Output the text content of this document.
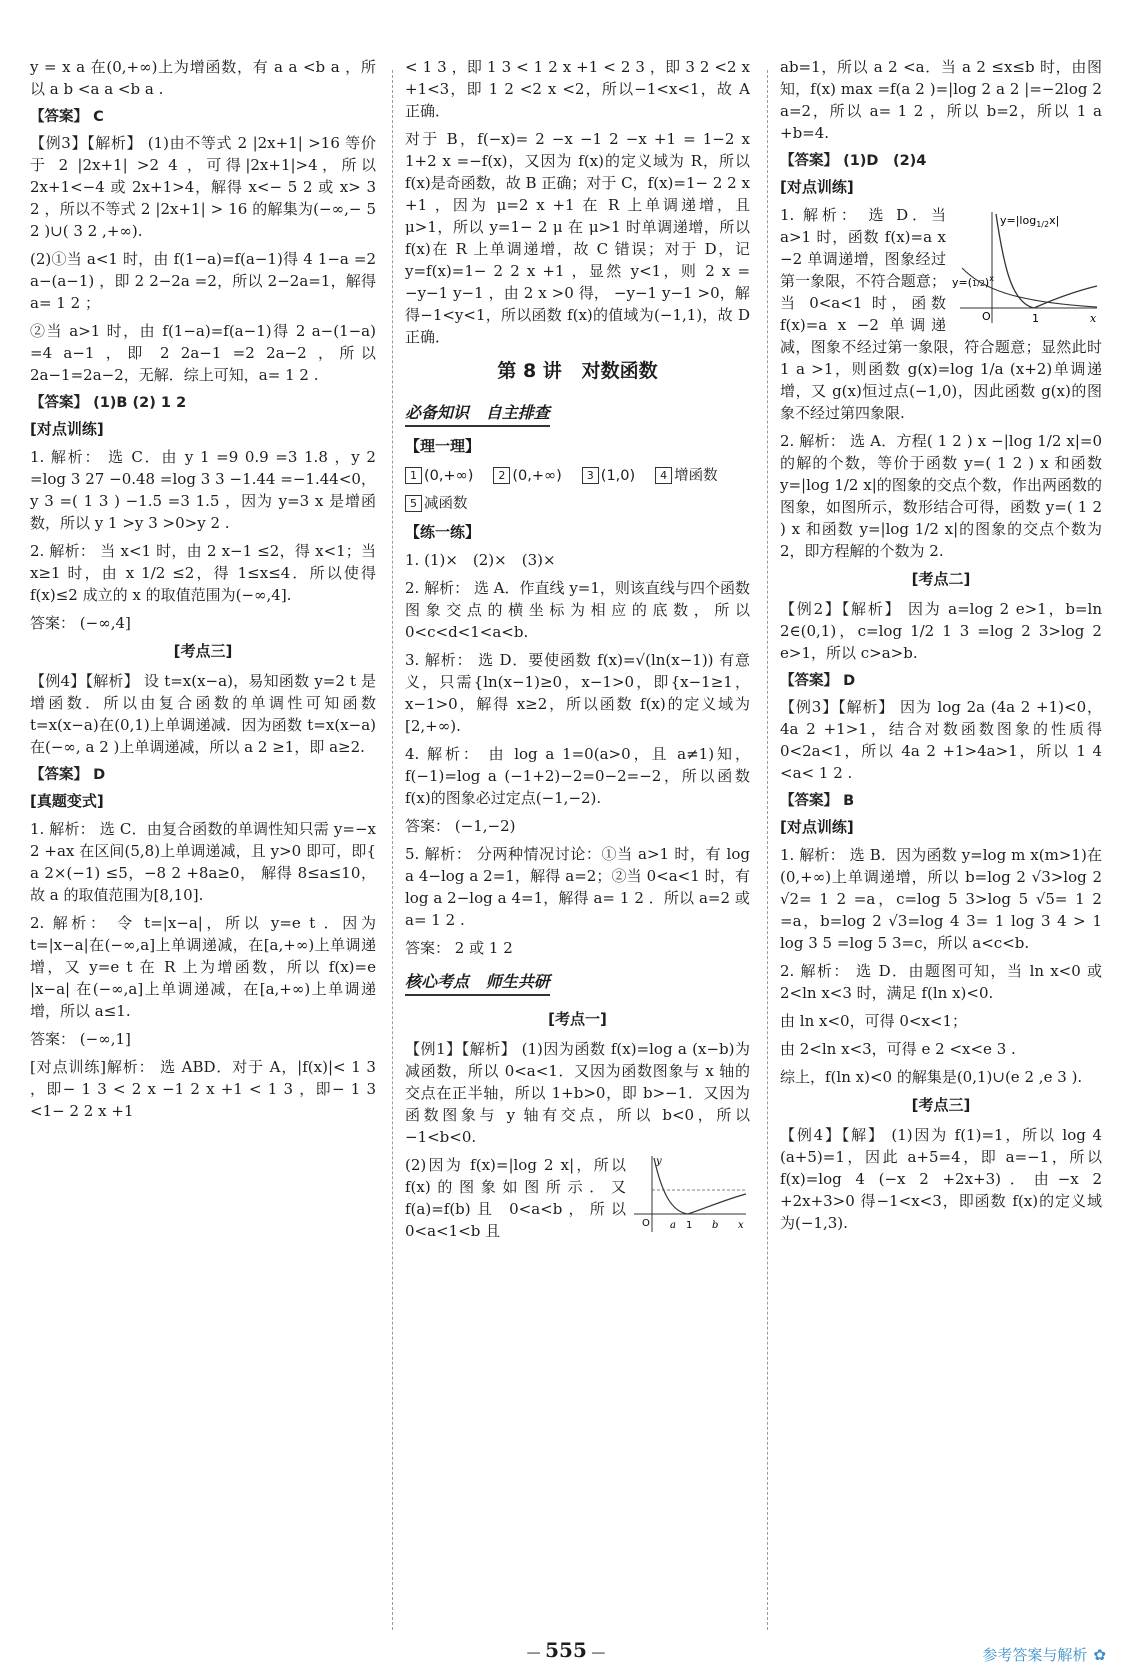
y = x a 在(0,+∞)上为增函数，有 a a <b a ，所以 a b <a a <b a .
【答案】 C
【例3】【解析】 (1)由不等式 2 |2x+1| >16 等价于 2 |2x+1| >2 4 ，可得|2x+1|>4，所以 2x+1<−4 或 2x+1>4，解得 x<− 5 2 或 x> 3 2 ，所以不等式 2 |2x+1| > 16 的解集为(−∞,− 5 2 )∪( 3 2 ,+∞).
(2)①当 a<1 时，由 f(1−a)=f(a−1)得 4 1−a =2 a−(a−1) ，即 2 2−2a =2，所以 2−2a=1，解得 a= 1 2 ；
②当 a>1 时，由 f(1−a)=f(a−1)得 2 a−(1−a) =4 a−1 ，即 2 2a−1 =2 2a−2 ，所以 2a−1=2a−2，无解．综上可知，a= 1 2 .
【答案】 (1)B (2) 1 2
[对点训练]
1. 解析： 选 C．由 y 1 =9 0.9 =3 1.8 ，y 2 =log 3 27 −0.48 =log 3 3 −1.44 =−1.44<0，y 3 =( 1 3 ) −1.5 =3 1.5 ，因为 y=3 x 是增函数，所以 y 1 >y 3 >0>y 2 .
2. 解析： 当 x<1 时，由 2 x−1 ≤2，得 x<1；当 x≥1 时，由 x 1/2 ≤2，得 1≤x≤4．所以使得 f(x)≤2 成立的 x 的取值范围为(−∞,4].
答案： (−∞,4]
[考点三]
【例4】【解析】 设 t=x(x−a)，易知函数 y=2 t 是增函数．所以由复合函数的单调性可知函数 t=x(x−a)在(0,1)上单调递减．因为函数 t=x(x−a)在(−∞, a 2 )上单调递减，所以 a 2 ≥1，即 a≥2.
【答案】 D
[真题变式]
1. 解析： 选 C．由复合函数的单调性知只需 y=−x 2 +ax 在区间(5,8)上单调递减，且 y>0 即可，即{ a 2×(−1) ≤5，−8 2 +8a≥0， 解得 8≤a≤10，故 a 的取值范围为[8,10].
2. 解析： 令 t=|x−a|，所以 y=e t ．因为 t=|x−a|在(−∞,a]上单调递减，在[a,+∞)上单调递增，又 y=e t 在 R 上为增函数，所以 f(x)=e |x−a| 在(−∞,a]上单调递减，在[a,+∞)上单调递增，所以 a≤1.
答案： (−∞,1]
[对点训练]解析： 选 ABD．对于 A，|f(x)|< 1 3 ，即− 1 3 < 2 x −1 2 x +1 < 1 3 ，即− 1 3 <1− 2 2 x +1
< 1 3 ，即 1 3 < 1 2 x +1 < 2 3 ，即 3 2 <2 x +1<3，即 1 2 <2 x <2，所以−1<x<1，故 A 正确．
对于 B，f(−x)= 2 −x −1 2 −x +1 = 1−2 x 1+2 x =−f(x)，又因为 f(x)的定义域为 R，所以 f(x)是奇函数，故 B 正确；对于 C，f(x)=1− 2 2 x +1 ，因为 μ=2 x +1 在 R 上单调递增，且 μ>1，所以 y=1− 2 μ 在 μ>1 时单调递增，所以 f(x)在 R 上单调递增，故 C 错误；对于 D，记 y=f(x)=1− 2 2 x +1 ，显然 y<1，则 2 x = −y−1 y−1 ，由 2 x >0 得， −y−1 y−1 >0，解得−1<y<1，所以函数 f(x)的值域为(−1,1)，故 D 正确．
第 8 讲 对数函数
必备知识 自主排查
【理一理】
1 (0,+∞) 2 (0,+∞) 3 (1,0) 4 增函数5 减函数
【练一练】
1. (1)×　(2)×　(3)×
2. 解析： 选 A．作直线 y=1，则该直线与四个函数图象交点的横坐标为相应的底数，所以 0<c<d<1<a<b.
3. 解析： 选 D．要使函数 f(x)=√(ln(x−1)) 有意义，只需{ln(x−1)≥0，x−1>0，即{x−1≥1，x−1>0，解得 x≥2，所以函数 f(x)的定义域为[2,+∞).
4. 解析： 由 log a 1=0(a>0，且 a≠1)知，f(−1)=log a (−1+2)−2=0−2=−2，所以函数 f(x)的图象必过定点(−1,−2).
答案： (−1,−2)
5. 解析： 分两种情况讨论：①当 a>1 时，有 log a 4−log a 2=1，解得 a=2；②当 0<a<1 时，有 log a 2−log a 4=1，解得 a= 1 2 ．所以 a=2 或 a= 1 2 .
答案： 2 或 1 2
核心考点 师生共研
[考点一]
【例1】【解析】 (1)因为函数 f(x)=log a (x−b)为减函数，所以 0<a<1．又因为函数图象与 x 轴的交点在正半轴，所以 1+b>0，即 b>−1．又因为函数图象与 y 轴有交点，所以 b<0，所以−1<b<0.
y
O a 1 b x
(2)因为 f(x)=|log 2 x|，所以 f(x)的图象如图所示．又 f(a)=f(b)且 0<a<b，所以 0<a<1<b 且
ab=1，所以 a 2 <a．当 a 2 ≤x≤b 时，由图知，f(x) max =f(a 2 )=|log 2 a 2 |=−2log 2 a=2，所以 a= 1 2 ，所以 b=2，所以 1 a +b=4.
【答案】 (1)D　(2)4
[对点训练]
$y=|\log_{1/2}x|$
$y=(1/2)^x$
O	1	x
1. 解析： 选 D．当 a>1 时，函数 f(x)=a x −2 单调递增，图象经过第一象限，不符合题意；当 0<a<1 时，函数 f(x)=a x −2 单调递减，图象不经过第一象限，符合题意；显然此时 1 a >1，则函数 g(x)=log 1/a (x+2)单调递增，又 g(x)恒过点(−1,0)，因此函数 g(x)的图象不经过第四象限.
2. 解析： 选 A．方程( 1 2 ) x −|log 1/2 x|=0 的解的个数，等价于函数 y=( 1 2 ) x 和函数 y=|log 1/2 x|的图象的交点个数，作出两函数的图象，如图所示，数形结合可得，函数 y=( 1 2 ) x 和函数 y=|log 1/2 x|的图象的交点个数为 2，即方程解的个数为 2.
[考点二]
【例2】【解析】 因为 a=log 2 e>1，b=ln 2∈(0,1)，c=log 1/2 1 3 =log 2 3>log 2 e>1，所以 c>a>b.
【答案】 D
【例3】【解析】 因为 log 2a (4a 2 +1)<0，4a 2 +1>1，结合对数函数图象的性质得 0<2a<1，所以 4a 2 +1>4a>1，所以 1 4 <a< 1 2 .
【答案】 B
[对点训练]
1. 解析： 选 B．因为函数 y=log m x(m>1)在(0,+∞)上单调递增，所以 b=log 2 √3>log 2 √2= 1 2 =a，c=log 5 3>log 5 √5= 1 2 =a，b=log 2 √3=log 4 3= 1 log 3 4 > 1 log 3 5 =log 5 3=c，所以 a<c<b.
2. 解析： 选 D．由题图可知，当 ln x<0 或 2<ln x<3 时，满足 f(ln x)<0.
由 ln x<0，可得 0<x<1；
由 2<ln x<3，可得 e 2 <x<e 3 .
综上，f(ln x)<0 的解集是(0,1)∪(e 2 ,e 3 ).
[考点三]
【例4】【解】 (1)因为 f(1)=1，所以 log 4 (a+5)=1，因此 a+5=4，即 a=−1，所以 f(x)=log 4 (−x 2 +2x+3)．由−x 2 +2x+3>0 得−1<x<3，即函数 f(x)的定义域为(−1,3).
— 555 —	参考答案与解析 ✿
